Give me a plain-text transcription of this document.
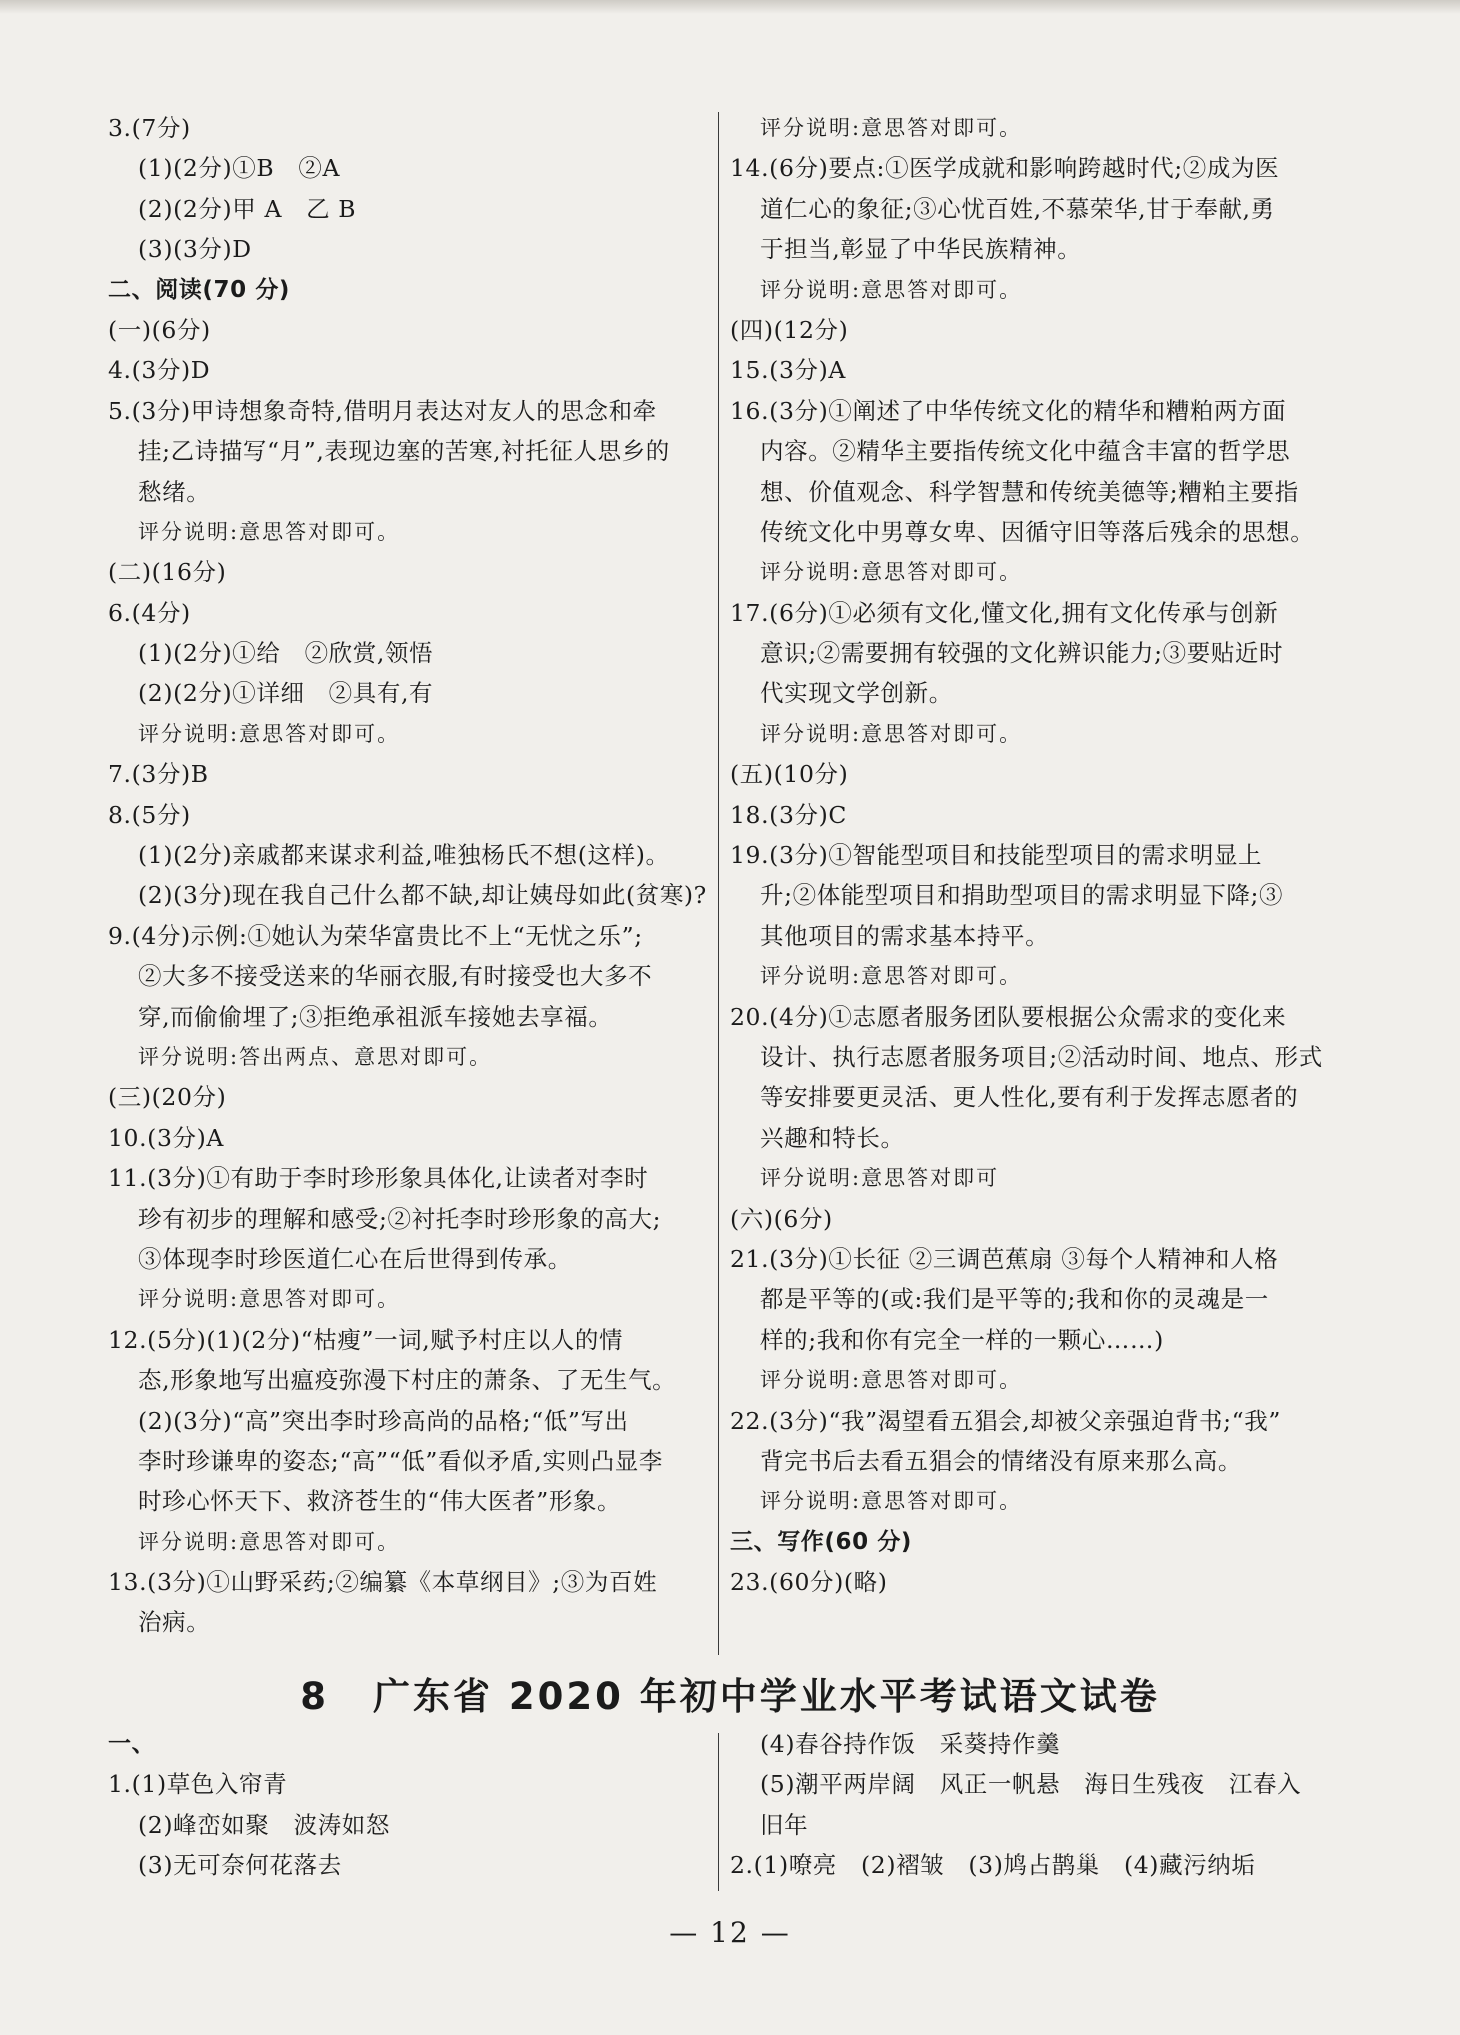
3.(7分)
(1)(2分)①B　②A
(2)(2分)甲 A　乙 B
(3)(3分)D
二、阅读(70 分)
(一)(6分)
4.(3分)D
5.(3分)甲诗想象奇特,借明月表达对友人的思念和牵
挂;乙诗描写“月”,表现边塞的苦寒,衬托征人思乡的
愁绪。
评分说明:意思答对即可。
(二)(16分)
6.(4分)
(1)(2分)①给　②欣赏,领悟
(2)(2分)①详细　②具有,有
评分说明:意思答对即可。
7.(3分)B
8.(5分)
(1)(2分)亲戚都来谋求利益,唯独杨氏不想(这样)。
(2)(3分)现在我自己什么都不缺,却让姨母如此(贫寒)?
9.(4分)示例:①她认为荣华富贵比不上“无忧之乐”;
②大多不接受送来的华丽衣服,有时接受也大多不
穿,而偷偷埋了;③拒绝承祖派车接她去享福。
评分说明:答出两点、意思对即可。
(三)(20分)
10.(3分)A
11.(3分)①有助于李时珍形象具体化,让读者对李时
珍有初步的理解和感受;②衬托李时珍形象的高大;
③体现李时珍医道仁心在后世得到传承。
评分说明:意思答对即可。
12.(5分)(1)(2分)“枯瘦”一词,赋予村庄以人的情
态,形象地写出瘟疫弥漫下村庄的萧条、了无生气。
(2)(3分)“高”突出李时珍高尚的品格;“低”写出
李时珍谦卑的姿态;“高”“低”看似矛盾,实则凸显李
时珍心怀天下、救济苍生的“伟大医者”形象。
评分说明:意思答对即可。
13.(3分)①山野采药;②编纂《本草纲目》;③为百姓
治病。
评分说明:意思答对即可。
14.(6分)要点:①医学成就和影响跨越时代;②成为医
道仁心的象征;③心忧百姓,不慕荣华,甘于奉献,勇
于担当,彰显了中华民族精神。
评分说明:意思答对即可。
(四)(12分)
15.(3分)A
16.(3分)①阐述了中华传统文化的精华和糟粕两方面
内容。②精华主要指传统文化中蕴含丰富的哲学思
想、价值观念、科学智慧和传统美德等;糟粕主要指
传统文化中男尊女卑、因循守旧等落后残余的思想。
评分说明:意思答对即可。
17.(6分)①必须有文化,懂文化,拥有文化传承与创新
意识;②需要拥有较强的文化辨识能力;③要贴近时
代实现文学创新。
评分说明:意思答对即可。
(五)(10分)
18.(3分)C
19.(3分)①智能型项目和技能型项目的需求明显上
升;②体能型项目和捐助型项目的需求明显下降;③
其他项目的需求基本持平。
评分说明:意思答对即可。
20.(4分)①志愿者服务团队要根据公众需求的变化来
设计、执行志愿者服务项目;②活动时间、地点、形式
等安排要更灵活、更人性化,要有利于发挥志愿者的
兴趣和特长。
评分说明:意思答对即可
(六)(6分)
21.(3分)①长征 ②三调芭蕉扇 ③每个人精神和人格
都是平等的(或:我们是平等的;我和你的灵魂是一
样的;我和你有完全一样的一颗心……)
评分说明:意思答对即可。
22.(3分)“我”渴望看五猖会,却被父亲强迫背书;“我”
背完书后去看五猖会的情绪没有原来那么高。
评分说明:意思答对即可。
三、写作(60 分)
23.(60分)(略)
8 广东省 2020 年初中学业水平考试语文试卷
一、
1.(1)草色入帘青
(2)峰峦如聚　波涛如怒
(3)无可奈何花落去
(4)春谷持作饭　采葵持作羹
(5)潮平两岸阔　风正一帆悬　海日生残夜　江春入
旧年
2.(1)嘹亮　(2)褶皱　(3)鸠占鹊巢　(4)藏污纳垢
— 12 —
